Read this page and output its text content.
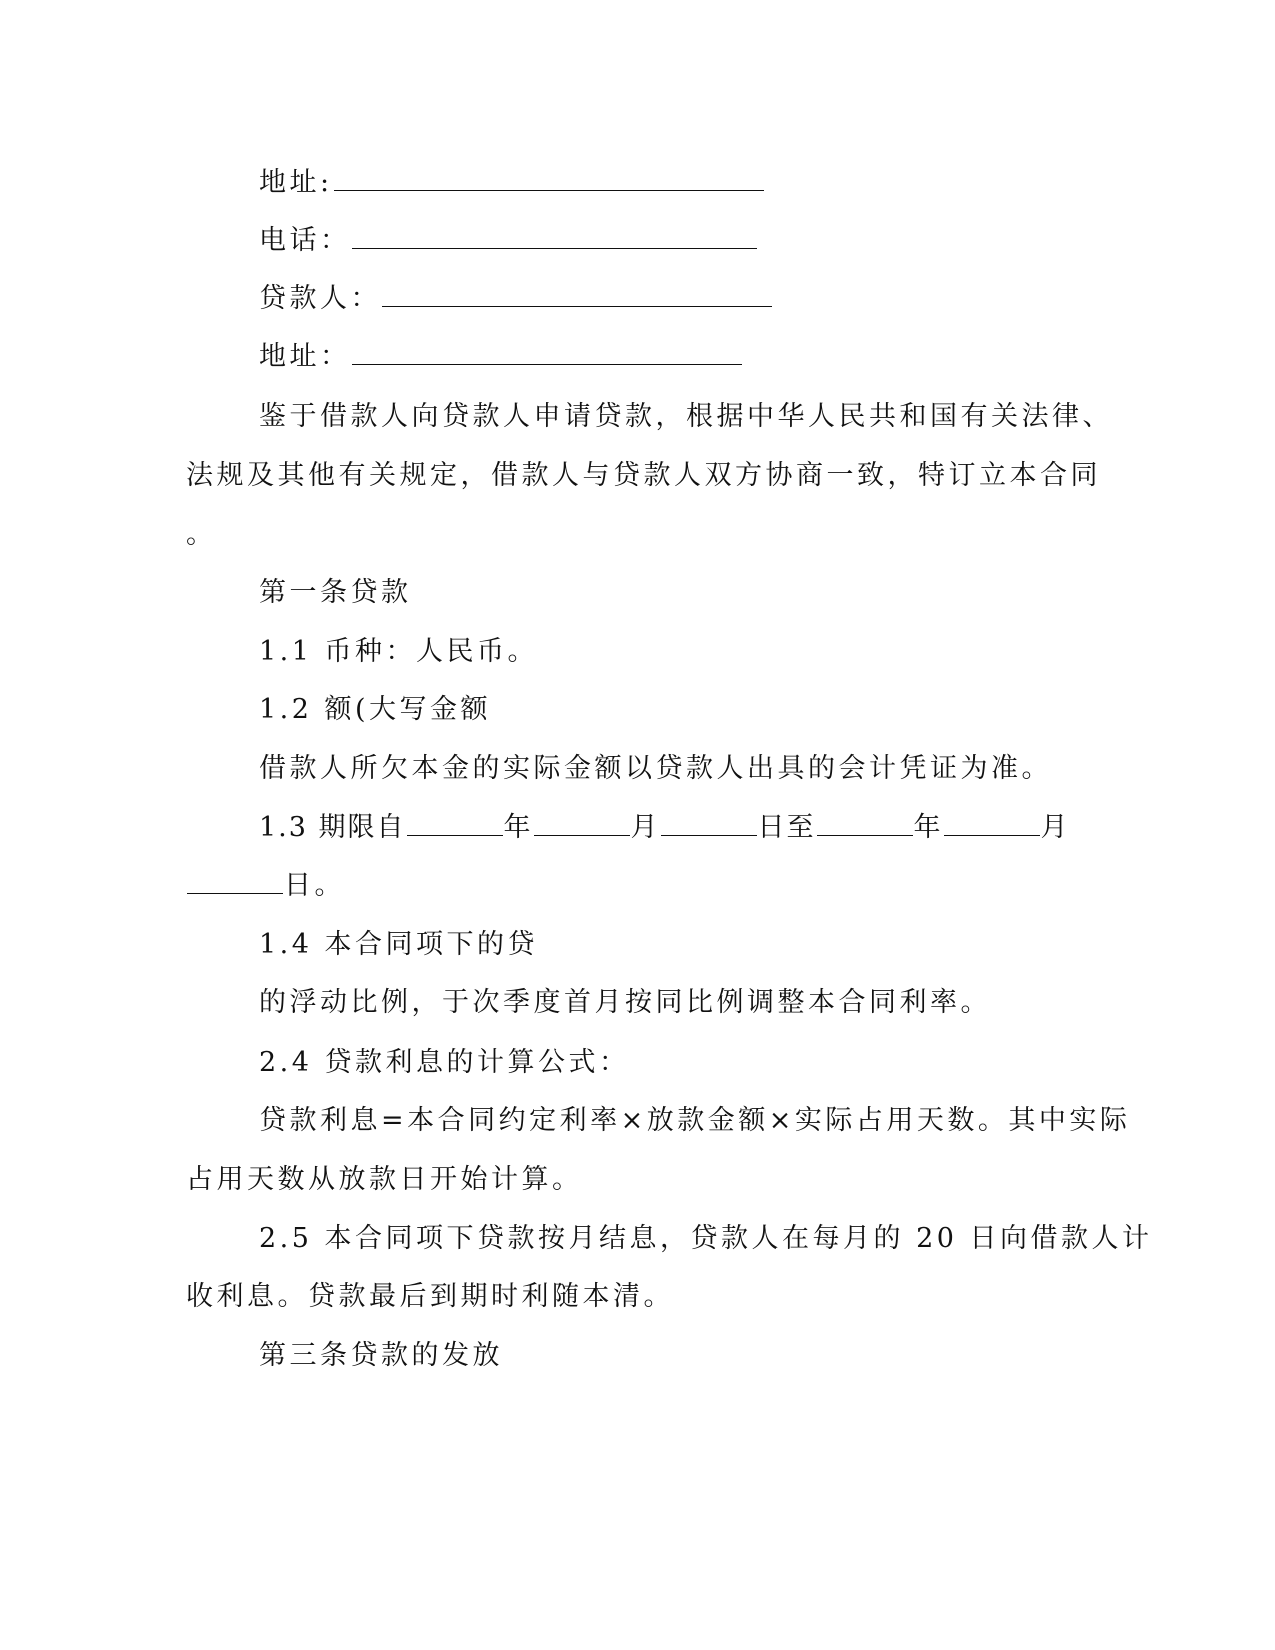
地址:
电话：
贷款人：
地址：
鉴于借款人向贷款人申请贷款，根据中华人民共和国有关法律、
法规及其他有关规定，借款人与贷款人双方协商一致，特订立本合同
。
第一条贷款
1.1 币种：人民币。
1.2 额(大写金额
借款人所欠本金的实际金额以贷款人出具的会计凭证为准。
1.3 期限自	年	月	日至	年	月
日。
1.4 本合同项下的贷
的浮动比例，于次季度首月按同比例调整本合同利率。
2.4 贷款利息的计算公式：
贷款利息=本合同约定利率×放款金额×实际占用天数。其中实际
占用天数从放款日开始计算。
2.5 本合同项下贷款按月结息，贷款人在每月的 20 日向借款人计
收利息。贷款最后到期时利随本清。
第三条贷款的发放
